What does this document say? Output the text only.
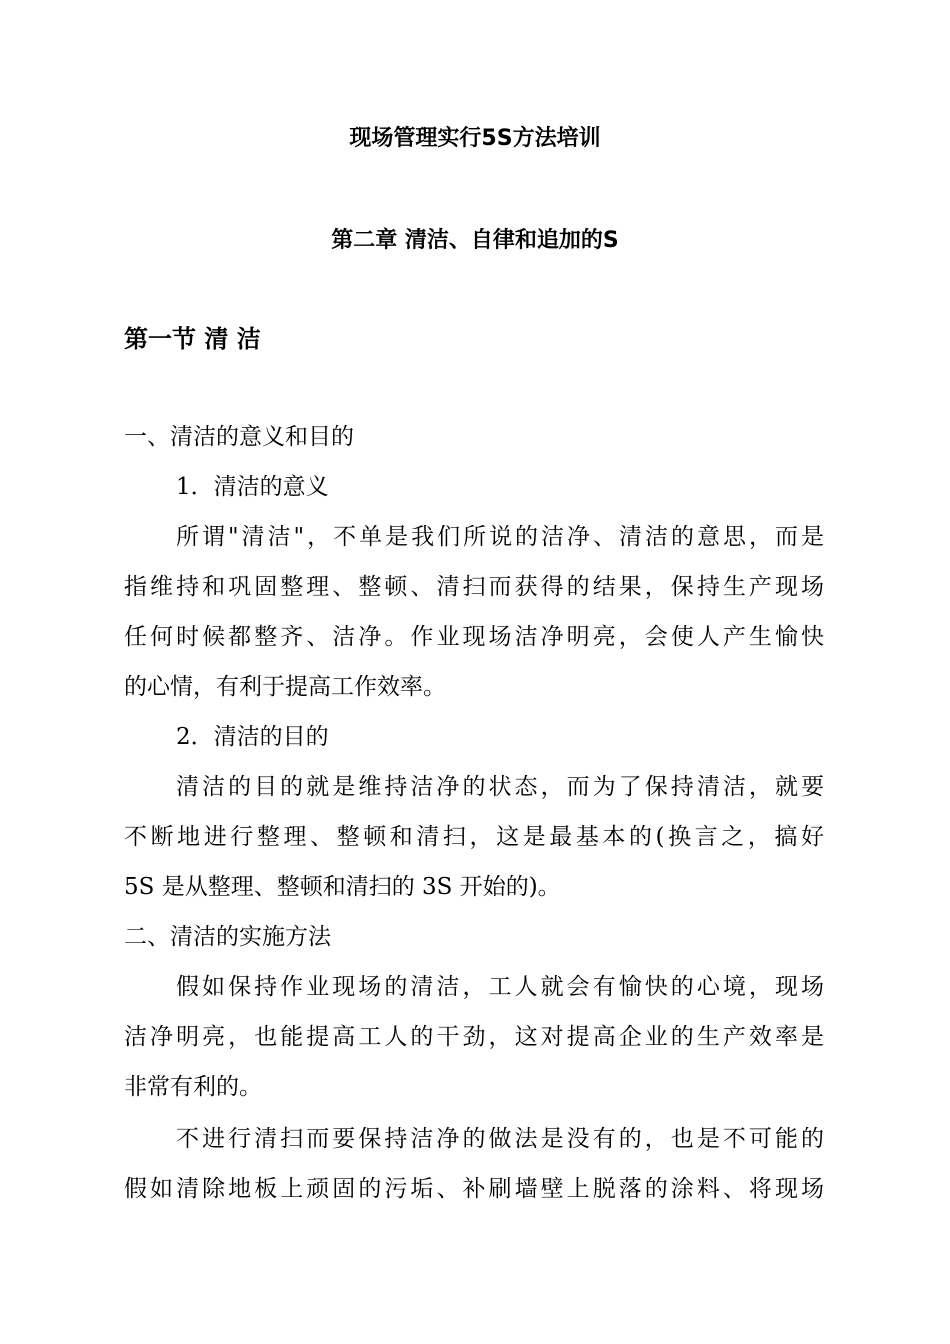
现场管理实行5S方法培训
第二章 清洁、自律和追加的S
第一节 清 洁
一、清洁的意义和目的
1．清洁的意义
所谓"清洁"，不单是我们所说的洁净、清洁的意思，而是
指维持和巩固整理、整顿、清扫而获得的结果，保持生产现场
任何时候都整齐、洁净。作业现场洁净明亮，会使人产生愉快
的心情，有利于提高工作效率。
2．清洁的目的
清洁的目的就是维持洁净的状态，而为了保持清洁，就要
不断地进行整理、整顿和清扫，这是最基本的(换言之，搞好
5S 是从整理、整顿和清扫的 3S 开始的)。
二、清洁的实施方法
假如保持作业现场的清洁，工人就会有愉快的心境，现场
洁净明亮，也能提高工人的干劲，这对提高企业的生产效率是
非常有利的。
不进行清扫而要保持洁净的做法是没有的，也是不可能的
假如清除地板上顽固的污垢、补刷墙壁上脱落的涂料、将现场
